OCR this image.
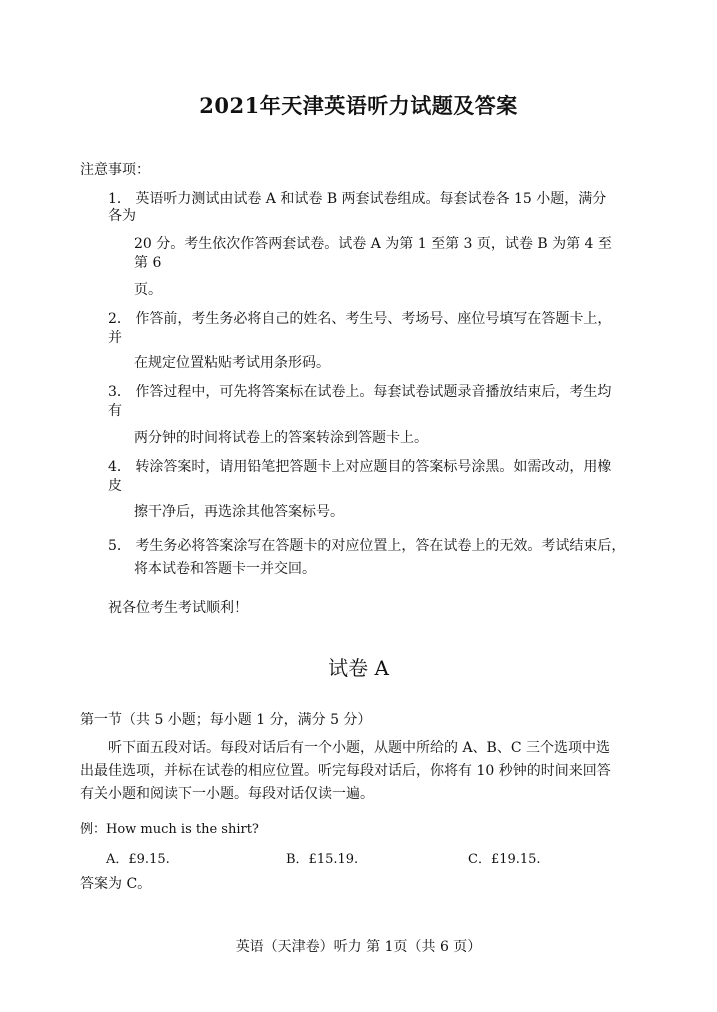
2021年天津英语听力试题及答案
注意事项：
1． 英语听力测试由试卷 A 和试卷 B 两套试卷组成。每套试卷各 15 小题，满分
各为
20 分。考生依次作答两套试卷。试卷 A 为第 1 至第 3 页，试卷 B 为第 4 至
第 6
页。
2． 作答前，考生务必将自己的姓名、考生号、考场号、座位号填写在答题卡上，
并
在规定位置粘贴考试用条形码。
3． 作答过程中，可先将答案标在试卷上。每套试卷试题录音播放结束后，考生均
有
两分钟的时间将试卷上的答案转涂到答题卡上。
4． 转涂答案时，请用铅笔把答题卡上对应题目的答案标号涂黑。如需改动，用橡
皮
擦干净后，再选涂其他答案标号。
5． 考生务必将答案涂写在答题卡的对应位置上，答在试卷上的无效。考试结束后，
将本试卷和答题卡一并交回。
祝各位考生考试顺利！
试卷 A
第一节（共 5 小题；每小题 1 分，满分 5 分）
听下面五段对话。每段对话后有一个小题，从题中所给的 A、B、C 三个选项中选
出最佳选项，并标在试卷的相应位置。听完每段对话后，你将有 10 秒钟的时间来回答
有关小题和阅读下一小题。每段对话仅读一遍。
例：How much is the shirt?
A．£9.15.	B．£15.19.	C．£19.15.
答案为 C。
英语（天津卷）听力 第 1页（共 6 页）
